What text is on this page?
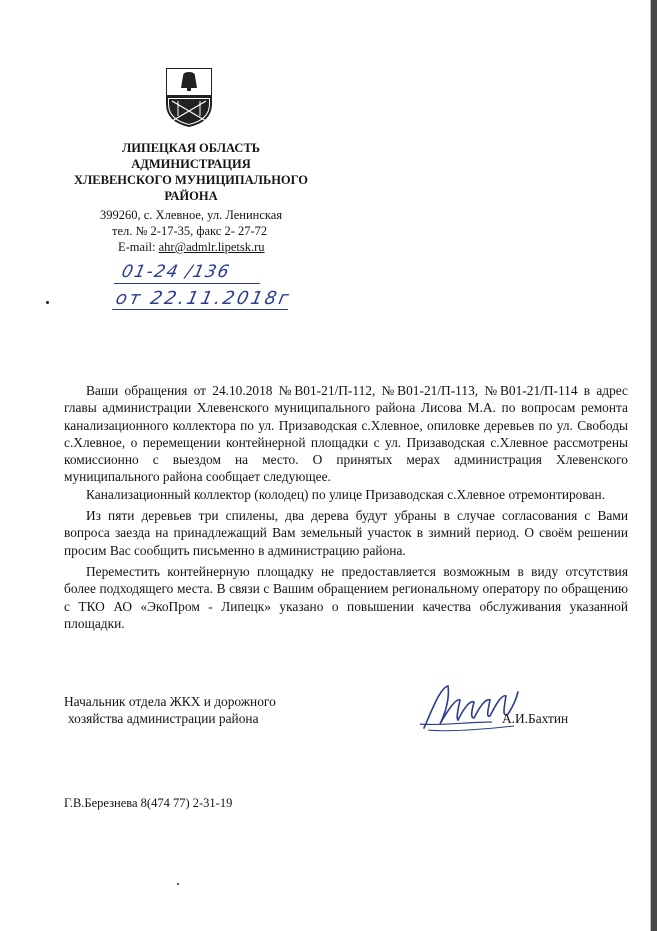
ЛИПЕЦКАЯ ОБЛАСТЬ
АДМИНИСТРАЦИЯ
ХЛЕВЕНСКОГО МУНИЦИПАЛЬНОГО
РАЙОНА
399260, с. Хлевное, ул. Ленинская
тел. № 2-17-35, факс 2- 27-72
E-mail: ahr@admlr.lipetsk.ru
01-24 /136
от 22.11.2018г

Ваши обращения от 24.10.2018 №В01-21/П-112, №В01-21/П-113, №В01-21/П-114 в адрес главы администрации Хлевенского муниципального района Лисова М.А. по вопросам ремонта канализационного коллектора по ул. Призаводская с.Хлевное, опиловке деревьев по ул. Свободы с.Хлевное, о перемещении контейнерной площадки с ул. Призаводская с.Хлевное рассмотрены комиссионно с выездом на место. О принятых мерах администрация Хлевенского муниципального района сообщает следующее.

Канализационный коллектор (колодец) по улице Призаводская с.Хлевное отремонтирован.

Из пяти деревьев три спилены, два дерева будут убраны в случае согласования с Вами вопроса заезда на принадлежащий Вам земельный участок в зимний период. О своём решении просим Вас сообщить письменно в администрацию района.

Переместить контейнерную площадку не предоставляется возможным в виду отсутствия более подходящего места. В связи с Вашим обращением региональному оператору по обращению с ТКО АО «ЭкоПром - Липецк» указано о повышении качества обслуживания указанной площадки.

Начальник отдела ЖКХ и дорожного
хозяйства администрации района	А.И.Бахтин
Г.В.Березнева 8(474 77) 2-31-19
